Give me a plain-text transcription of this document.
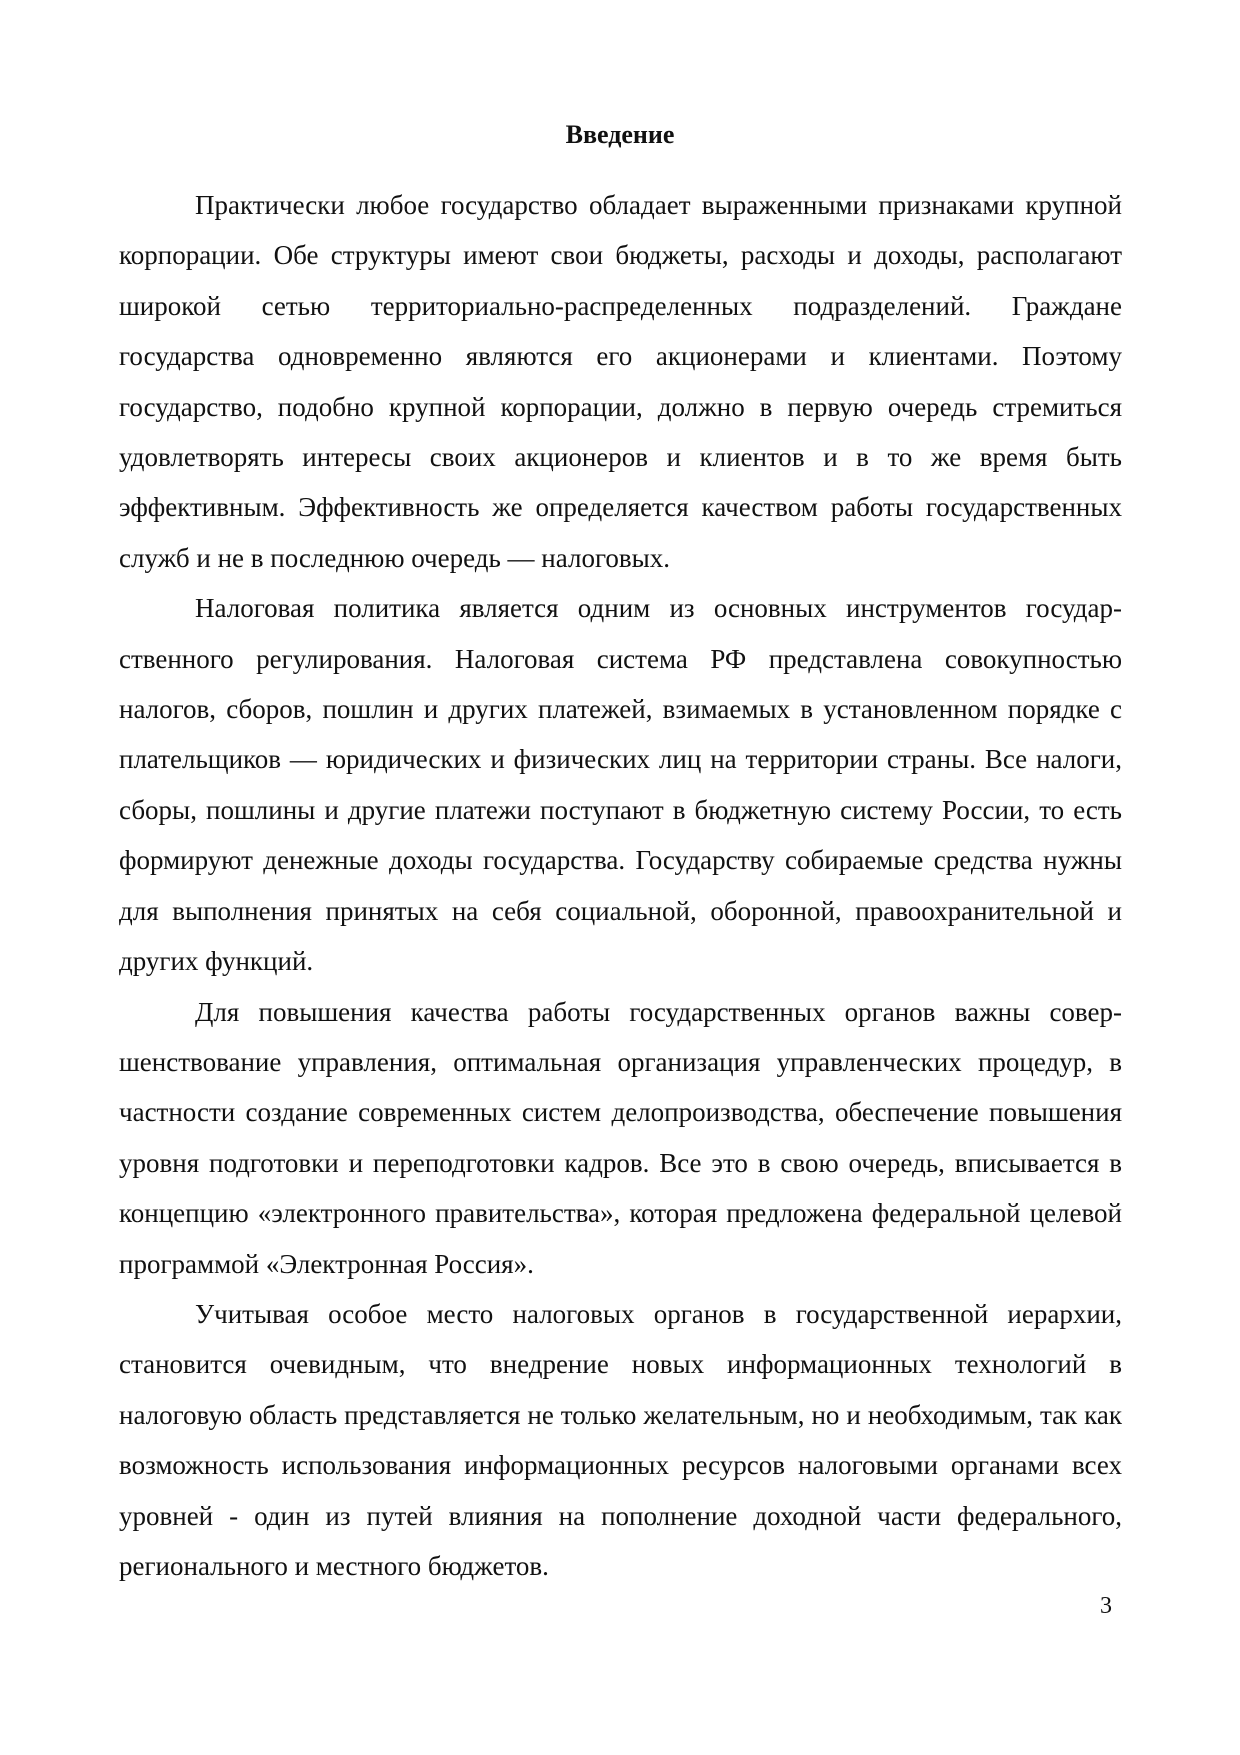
Введение

Практически любое государство обладает выраженными признаками крупной корпорации. Обе структуры имеют свои бюджеты, расходы и доходы, располагают широкой сетью территориально-распределенных подразделений. Граждане государства одновременно являются его акционерами и клиентами. Поэтому государство, подобно крупной корпорации, должно в первую очередь стремиться удовлетворять интересы своих акционеров и клиентов и в то же время быть эффективным. Эффективность же определяется качеством работы государственных служб и не в последнюю очередь — налоговых.

Налоговая политика является одним из основных инструментов государственного регулирования. Налоговая система РФ представлена совокупностью налогов, сборов, пошлин и других платежей, взимаемых в установленном порядке с плательщиков — юридических и физических лиц на территории страны. Все налоги, сборы, пошлины и другие платежи поступают в бюджетную систему России, то есть формируют денежные доходы государства. Государству собираемые средства нужны для выполнения принятых на себя социальной, оборонной, правоохранительной и других функций.

Для повышения качества работы государственных органов важны совершенствование управления, оптимальная организация управленческих процедур, в частности создание современных систем делопроизводства, обеспечение повышения уровня подготовки и переподготовки кадров. Все это в свою очередь, вписывается в концепцию «электронного правительства», которая предложена федеральной целевой программой «Электронная Россия».

Учитывая особое место налоговых органов в государственной иерархии, становится очевидным, что внедрение новых информационных технологий в налоговую область представляется не только желательным, но и необходимым, так как возможность использования информационных ресурсов налоговыми органами всех уровней - один из путей влияния на пополнение доходной части федерального, регионального и местного бюджетов.

3
